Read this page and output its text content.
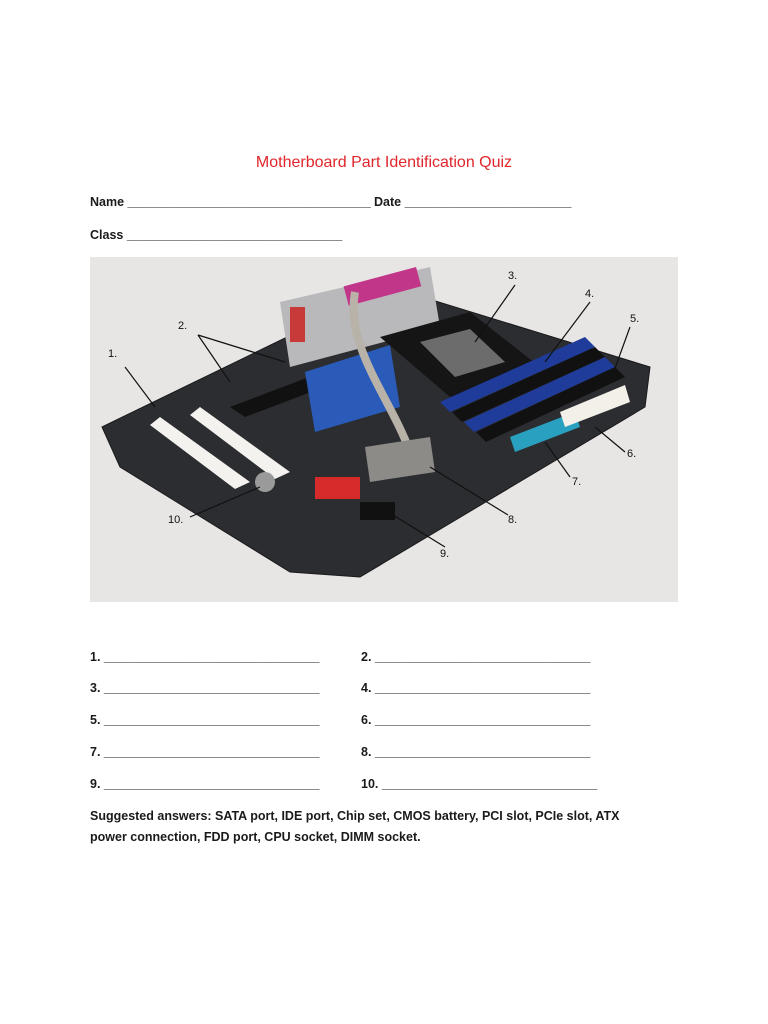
Motherboard Part Identification Quiz
Name ___________________________________ Date ________________________
Class _______________________________
1.
2.
3.
4.
5.
6.
7.
8.
9.
10.
1. _______________________________	2. _______________________________
3. _______________________________	4. _______________________________
5. _______________________________	6. _______________________________
7. _______________________________	8. _______________________________
9. _______________________________	10. _______________________________
Suggested answers: SATA port, IDE port, Chip set, CMOS battery, PCI slot, PCIe slot, ATX power connection, FDD port, CPU socket, DIMM socket.
